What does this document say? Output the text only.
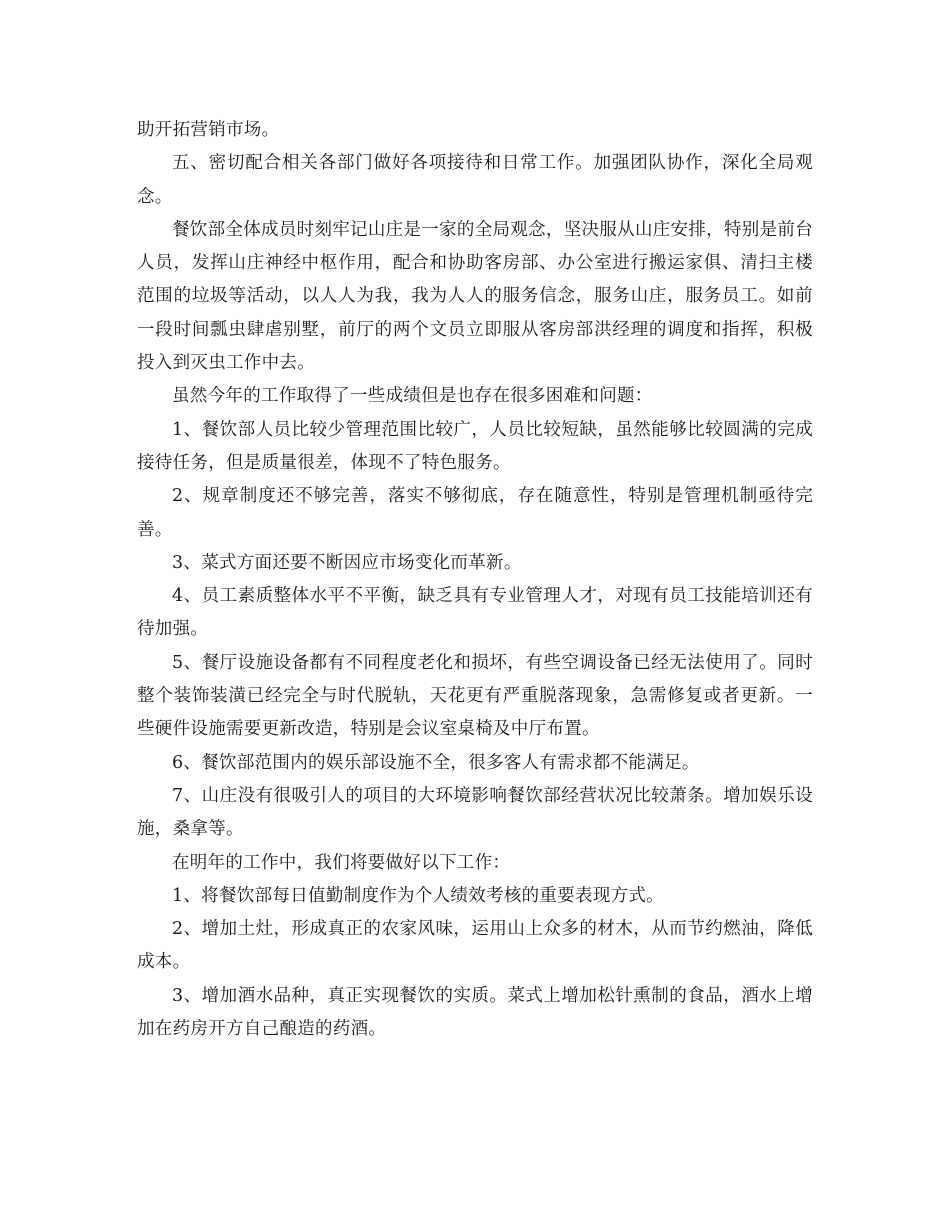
助开拓营销市场。

五、密切配合相关各部门做好各项接待和日常工作。加强团队协作，深化全局观念。

餐饮部全体成员时刻牢记山庄是一家的全局观念，坚决服从山庄安排，特别是前台人员，发挥山庄神经中枢作用，配合和协助客房部、办公室进行搬运家俱、清扫主楼范围的垃圾等活动，以人人为我，我为人人的服务信念，服务山庄，服务员工。如前一段时间瓢虫肆虐别墅，前厅的两个文员立即服从客房部洪经理的调度和指挥，积极投入到灭虫工作中去。

虽然今年的工作取得了一些成绩但是也存在很多困难和问题：

1、餐饮部人员比较少管理范围比较广，人员比较短缺，虽然能够比较圆满的完成接待任务，但是质量很差，体现不了特色服务。

2、规章制度还不够完善，落实不够彻底，存在随意性，特别是管理机制亟待完善。

3、菜式方面还要不断因应市场变化而革新。

4、员工素质整体水平不平衡，缺乏具有专业管理人才，对现有员工技能培训还有待加强。

5、餐厅设施设备都有不同程度老化和损坏，有些空调设备已经无法使用了。同时整个装饰装潢已经完全与时代脱轨，天花更有严重脱落现象，急需修复或者更新。一些硬件设施需要更新改造，特别是会议室桌椅及中厅布置。

6、餐饮部范围内的娱乐部设施不全，很多客人有需求都不能满足。

7、山庄没有很吸引人的项目的大环境影响餐饮部经营状况比较萧条。增加娱乐设施，桑拿等。

在明年的工作中，我们将要做好以下工作：

1、将餐饮部每日值勤制度作为个人绩效考核的重要表现方式。

2、增加土灶，形成真正的农家风味，运用山上众多的材木，从而节约燃油，降低成本。

3、增加酒水品种，真正实现餐饮的实质。菜式上增加松针熏制的食品，酒水上增加在药房开方自己酿造的药酒。
